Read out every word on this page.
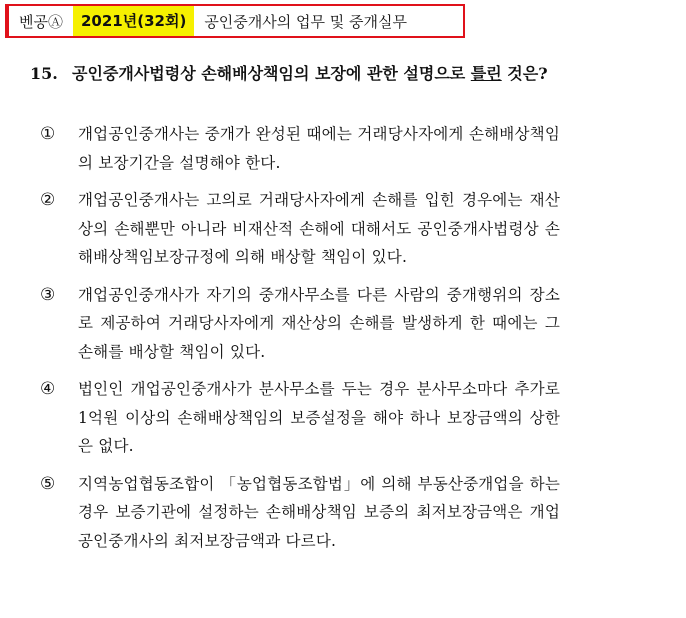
벤공Ⓐ	2021년(32회)	공인중개사의 업무 및 중개실무
15. 공인중개사법령상 손해배상책임의 보장에 관한 설명으로 틀린 것은?
①	개업공인중개사는 중개가 완성된 때에는 거래당사자에게 손해배상책임의 보장기간을 설명해야 한다.
②	개업공인중개사는 고의로 거래당사자에게 손해를 입힌 경우에는 재산상의 손해뿐만 아니라 비재산적 손해에 대해서도 공인중개사법령상 손해배상책임보장규정에 의해 배상할 책임이 있다.
③	개업공인중개사가 자기의 중개사무소를 다른 사람의 중개행위의 장소로 제공하여 거래당사자에게 재산상의 손해를 발생하게 한 때에는 그 손해를 배상할 책임이 있다.
④	법인인 개업공인중개사가 분사무소를 두는 경우 분사무소마다 추가로 1억원 이상의 손해배상책임의 보증설정을 해야 하나 보장금액의 상한은 없다.
⑤	지역농업협동조합이 「농업협동조합법」에 의해 부동산중개업을 하는 경우 보증기관에 설정하는 손해배상책임 보증의 최저보장금액은 개업공인중개사의 최저보장금액과 다르다.
